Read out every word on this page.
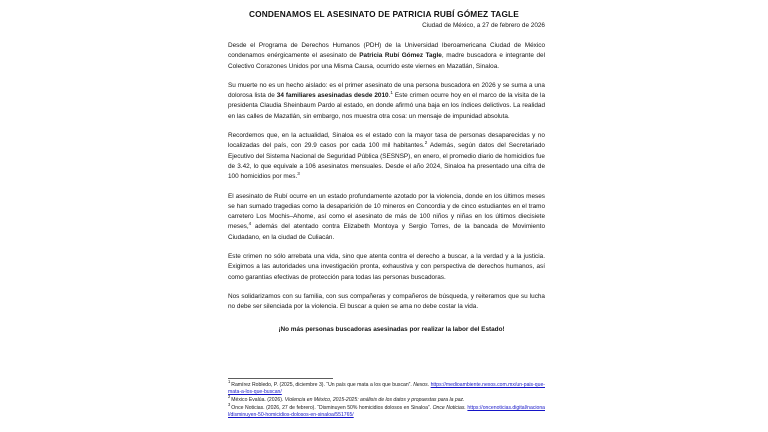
CONDENAMOS EL ASESINATO DE PATRICIA RUBÍ GÓMEZ TAGLE
Ciudad de México, a 27 de febrero de 2026
Desde el Programa de Derechos Humanos (PDH) de la Universidad Iberoamericana Ciudad de México condenamos enérgicamente el asesinato de Patricia Rubí Gómez Tagle, madre buscadora e integrante del Colectivo Corazones Unidos por una Misma Causa, ocurrido este viernes en Mazatlán, Sinaloa.
Su muerte no es un hecho aislado: es el primer asesinato de una persona buscadora en 2026 y se suma a una dolorosa lista de 34 familiares asesinadas desde 2010.$^1$ Este crimen ocurre hoy en el marco de la visita de la presidenta Claudia Sheinbaum Pardo al estado, en donde afirmó una baja en los índices delictivos. La realidad en las calles de Mazatlán, sin embargo, nos muestra otra cosa: un mensaje de impunidad absoluta.
Recordemos que, en la actualidad, Sinaloa es el estado con la mayor tasa de personas desaparecidas y no localizadas del país, con 29.9 casos por cada 100 mil habitantes.$^2$ Además, según datos del Secretariado Ejecutivo del Sistema Nacional de Seguridad Pública (SESNSP), en enero, el promedio diario de homicidios fue de 3.42, lo que equivale a 106 asesinatos mensuales. Desde el año 2024, Sinaloa ha presentado una cifra de 100 homicidios por mes.$^3$
El asesinato de Rubí ocurre en un estado profundamente azotado por la violencia, donde en los últimos meses se han sumado tragedias como la desaparición de 10 mineros en Concordia y de cinco estudiantes en el tramo carretero Los Mochis–Ahome, así como el asesinato de más de 100 niños y niñas en los últimos diecisiete meses,$^4$ además del atentado contra Elizabeth Montoya y Sergio Torres, de la bancada de Movimiento Ciudadano, en la ciudad de Culiacán.
Este crimen no sólo arrebata una vida, sino que atenta contra el derecho a buscar, a la verdad y a la justicia. Exigimos a las autoridades una investigación pronta, exhaustiva y con perspectiva de derechos humanos, así como garantías efectivas de protección para todas las personas buscadoras.
Nos solidarizamos con su familia, con sus compañeras y compañeros de búsqueda, y reiteramos que su lucha no debe ser silenciada por la violencia. El buscar a quien se ama no debe costar la vida.
¡No más personas buscadoras asesinadas por realizar la labor del Estado!
$^1$Ramírez Robledo, P. (2025, diciembre 3). “Un país que mata a los que buscan”. Nexos. https://medioambiente.nexos.com.mx/un-pais-que-mata-a-los-que-buscan/
$^2$México Evalúa. (2026). Violencia en México, 2015-2025: análisis de los datos y propuestas para la paz.
$^3$Once Noticias. (2026, 27 de febrero). “Disminuyen 50% homicidios dolosos en Sinaloa”. Once Noticias. https://oncenoticias.digital/nacional/disminuyen-50-homicidios-dolosos-en-sinaloa/551765/
